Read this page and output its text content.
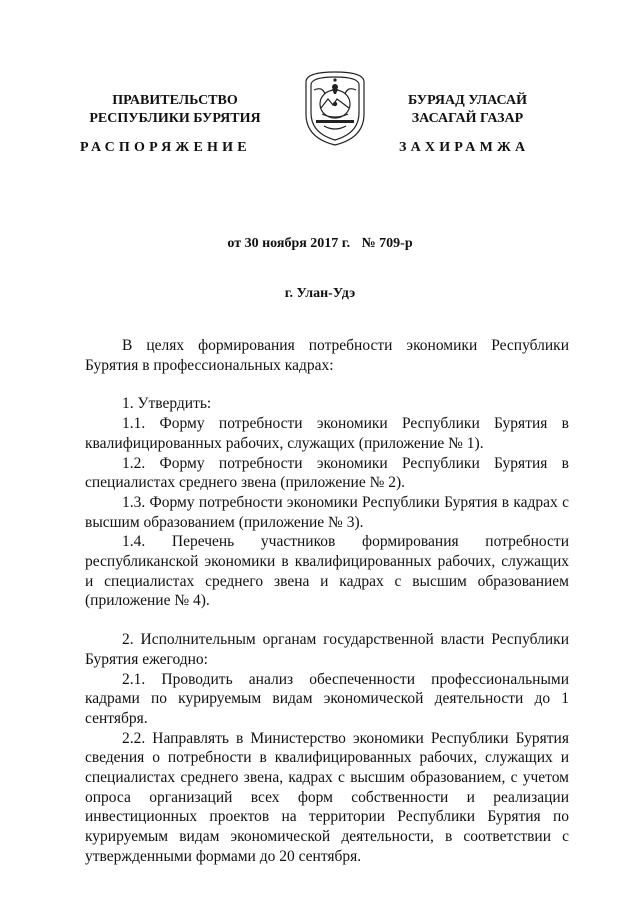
ПРАВИТЕЛЬСТВО
РЕСПУБЛИКИ БУРЯТИЯ
БУРЯАД УЛАСАЙ
ЗАСАГАЙ ГАЗАР
РАСПОРЯЖЕНИЕ	ЗАХИРАМЖА
от 30 ноября 2017 г. № 709-р
г. Улан-Удэ

В целях формирования потребности экономики Республики Бурятия в профессиональных кадрах:

1. Утвердить:

1.1. Форму потребности экономики Республики Бурятия в квалифицированных рабочих, служащих (приложение № 1).

1.2. Форму потребности экономики Республики Бурятия в специалистах среднего звена (приложение № 2).

1.3. Форму потребности экономики Республики Бурятия в кадрах с высшим образованием (приложение № 3).

1.4. Перечень участников формирования потребности республиканской экономики в квалифицированных рабочих, служащих и специалистах среднего звена и кадрах с высшим образованием (приложение № 4).

2. Исполнительным органам государственной власти Республики Бурятия ежегодно:

2.1. Проводить анализ обеспеченности профессиональными кадрами по курируемым видам экономической деятельности до 1 сентября.

2.2. Направлять в Министерство экономики Республики Бурятия сведения о потребности в квалифицированных рабочих, служащих и специалистах среднего звена, кадрах с высшим образованием, с учетом опроса организаций всех форм собственности и реализации инвестиционных проектов на территории Республики Бурятия по курируемым видам экономической деятельности, в соответствии с утвержденными формами до 20 сентября.
